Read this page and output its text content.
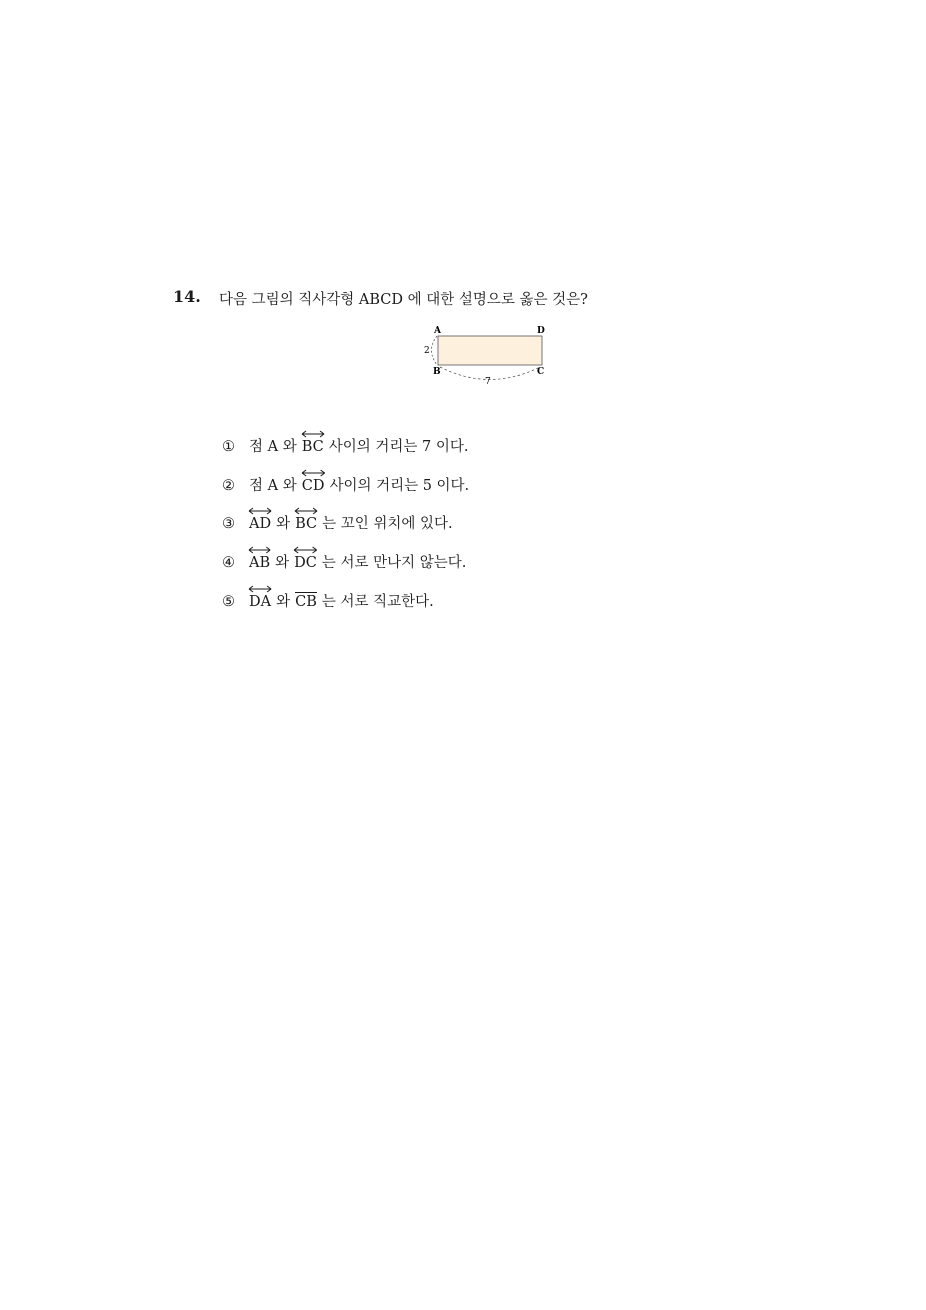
14. 다음 그림의 직사각형 ABCD 에 대한 설명으로 옳은 것은?
A	D
B	C
2
7
① 점 A 와 BC 사이의 거리는 7 이다.
② 점 A 와 CD 사이의 거리는 5 이다.
③ AD 와 BC 는 꼬인 위치에 있다.
④ AB 와 DC 는 서로 만나지 않는다.
⑤ DA 와 CB 는 서로 직교한다.
